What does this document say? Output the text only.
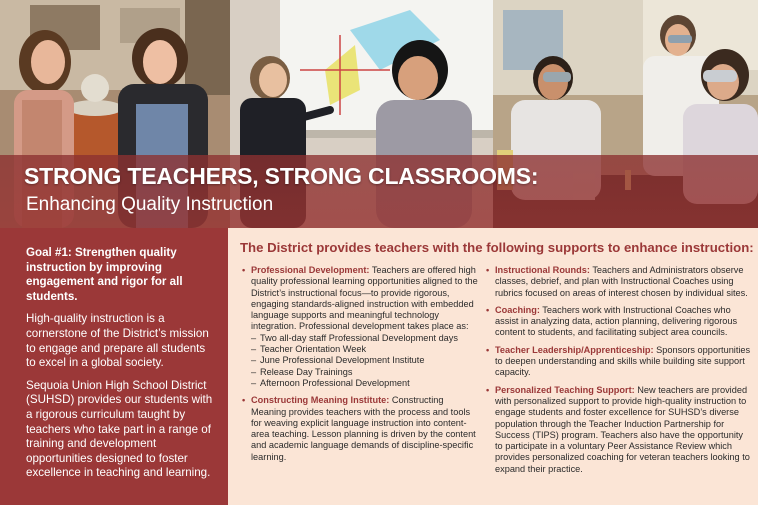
STRONG TEACHERS, STRONG CLASSROOMS:
Enhancing Quality Instruction
Goal #1: Strengthen quality instruction by improving engagement and rigor for all students.
High-quality instruction is a cornerstone of the District’s mission to engage and prepare all students to excel in a global society.
Sequoia Union High School District (SUHSD) provides our students with a rigorous curriculum taught by teachers who take part in a range of training and development opportunities designed to foster excellence in teaching and learning.
The District provides teachers with the following supports to enhance instruction:
• Professional Development: Teachers are offered high quality professional learning opportunities aligned to the District’s instructional focus—to provide rigorous, engaging standards-aligned instruction with embedded language supports and meaningful technology integration. Professional development takes place as:
– Two all-day staff Professional Development days
– Teacher Orientation Week
– June Professional Development Institute
– Release Day Trainings
– Afternoon Professional Development
• Constructing Meaning Institute: Constructing Meaning provides teachers with the process and tools for weaving explicit language instruction into content-area teaching. Lesson planning is driven by the content and academic language demands of discipline-specific learning.
• Instructional Rounds: Teachers and Administrators observe classes, debrief, and plan with Instructional Coaches using rubrics focused on areas of interest chosen by individual sites.
• Coaching: Teachers work with Instructional Coaches who assist in analyzing data, action planning, delivering rigorous content to students, and facilitating subject area councils.
• Teacher Leadership/Apprenticeship: Sponsors opportunities to deepen understanding and skills while building site support capacity.
• Personalized Teaching Support: New teachers are provided with personalized support to provide high-quality instruction to engage students and foster excellence for SUHSD’s diverse population through the Teacher Induction Partnership for Success (TIPS) program. Teachers also have the opportunity to participate in a voluntary Peer Assistance Review which provides personalized coaching for veteran teachers looking to expand their practice.
